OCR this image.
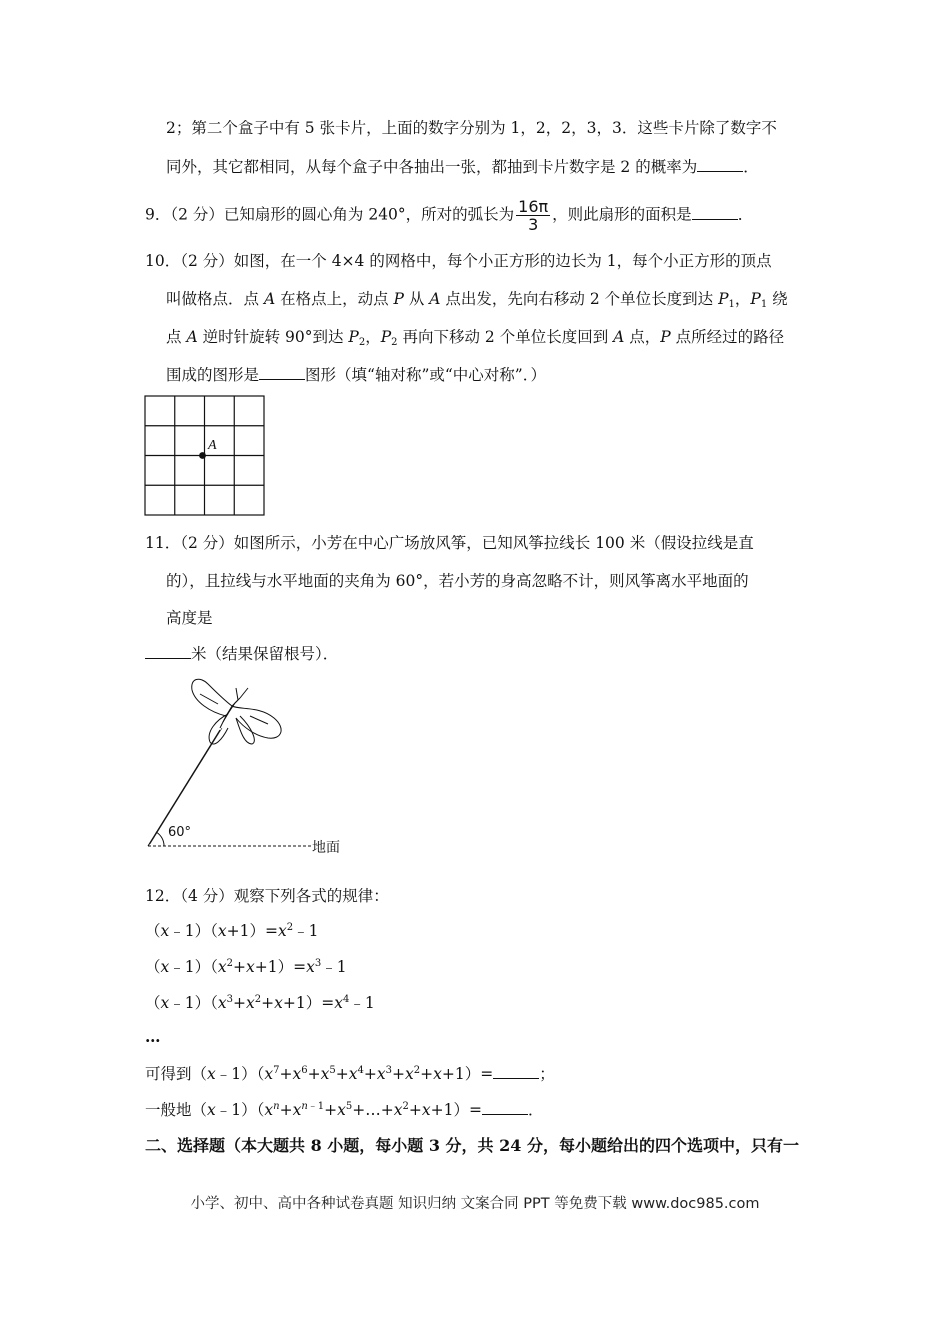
2；第二个盒子中有 5 张卡片，上面的数字分别为 1，2，2，3，3．这些卡片除了数字不
同外，其它都相同，从每个盒子中各抽出一张，都抽到卡片数字是 2 的概率为	．
9．（2 分）已知扇形的圆心角为 240°，所对的弧长为 $\frac{16\pi}{3}$ ，则此扇形的面积是	．
10．（2 分）如图，在一个 4×4 的网格中，每个小正方形的边长为 1，每个小正方形的顶点
叫做格点．点 A 在格点上，动点 P 从 A 点出发，先向右移动 2 个单位长度到达 $P_1$，$P_1$ 绕
点 A 逆时针旋转 90°到达 $P_2$，$P_2$ 再向下移动 2 个单位长度回到 A 点，P 点所经过的路径
围成的图形是	图形（填“轴对称”或“中心对称”．）
A
11．（2 分）如图所示，小芳在中心广场放风筝，已知风筝拉线长 100 米（假设拉线是直
的），且拉线与水平地面的夹角为 60°，若小芳的身高忽略不计，则风筝离水平地面的
高度是
米（结果保留根号）．
60°
地面
12．（4 分）观察下列各式的规律：
$(x﹣1)(x+1)=x^2﹣1$
$(x﹣1)(x^2+x+1)=x^3﹣1$
$(x﹣1)(x^3+x^2+x+1)=x^4﹣1$
…
可得到$(x﹣1)(x^7+x^6+x^5+x^4+x^3+x^2+x+1)=$	；
一般地$(x﹣1)(x^n+x^{n﹣1}+x^5+\dots+x^2+x+1)=$	．
二、选择题（本大题共 8 小题，每小题 3 分，共 24 分，每小题给出的四个选项中，只有一
小学、初中、高中各种试卷真题 知识归纳 文案合同 PPT 等免费下载 www.doc985.com
